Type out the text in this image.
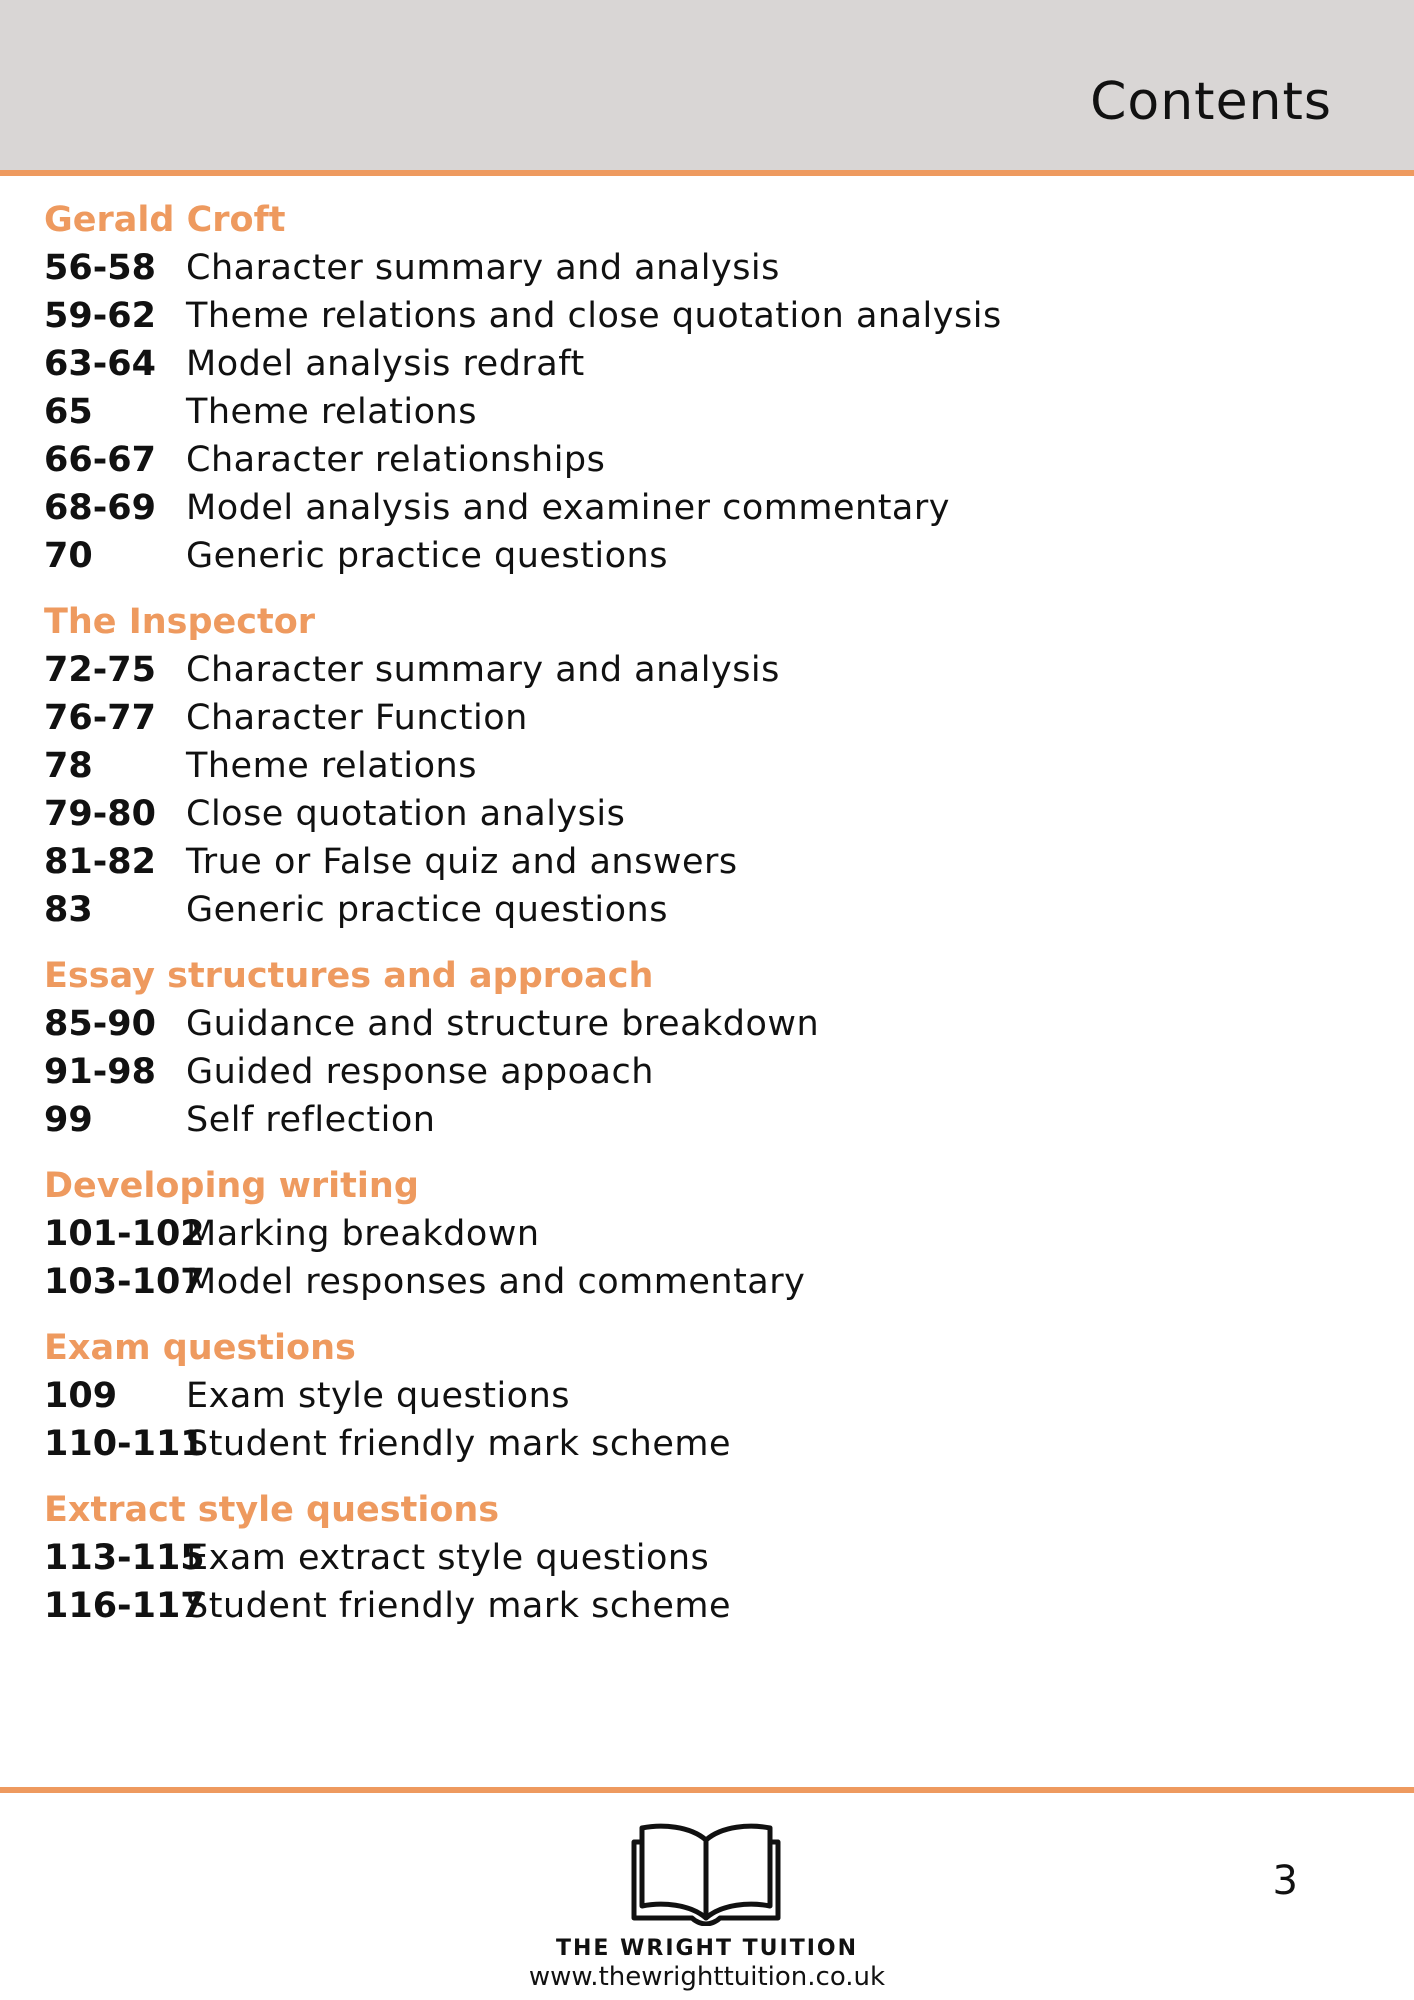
Contents
Gerald Croft
56-58 Character summary and analysis
59-62 Theme relations and close quotation analysis
63-64 Model analysis redraft
65	Theme relations
66-67 Character relationships
68-69 Model analysis and examiner commentary
70	Generic practice questions
The Inspector
72-75 Character summary and analysis
76-77 Character Function
78	Theme relations
79-80 Close quotation analysis
81-82 True or False quiz and answers
83	Generic practice questions
Essay structures and approach
85-90 Guidance and structure breakdown
91-98 Guided response appoach
99	Self reflection
Developing writing
101-102Marking breakdown
103-107Model responses and commentary
Exam questions
109 Exam style questions
110-111Student friendly mark scheme
Extract style questions
113-115Exam extract style questions
116-117Student friendly mark scheme
THE WRIGHT TUITION
www.thewrighttuition.co.uk
3
